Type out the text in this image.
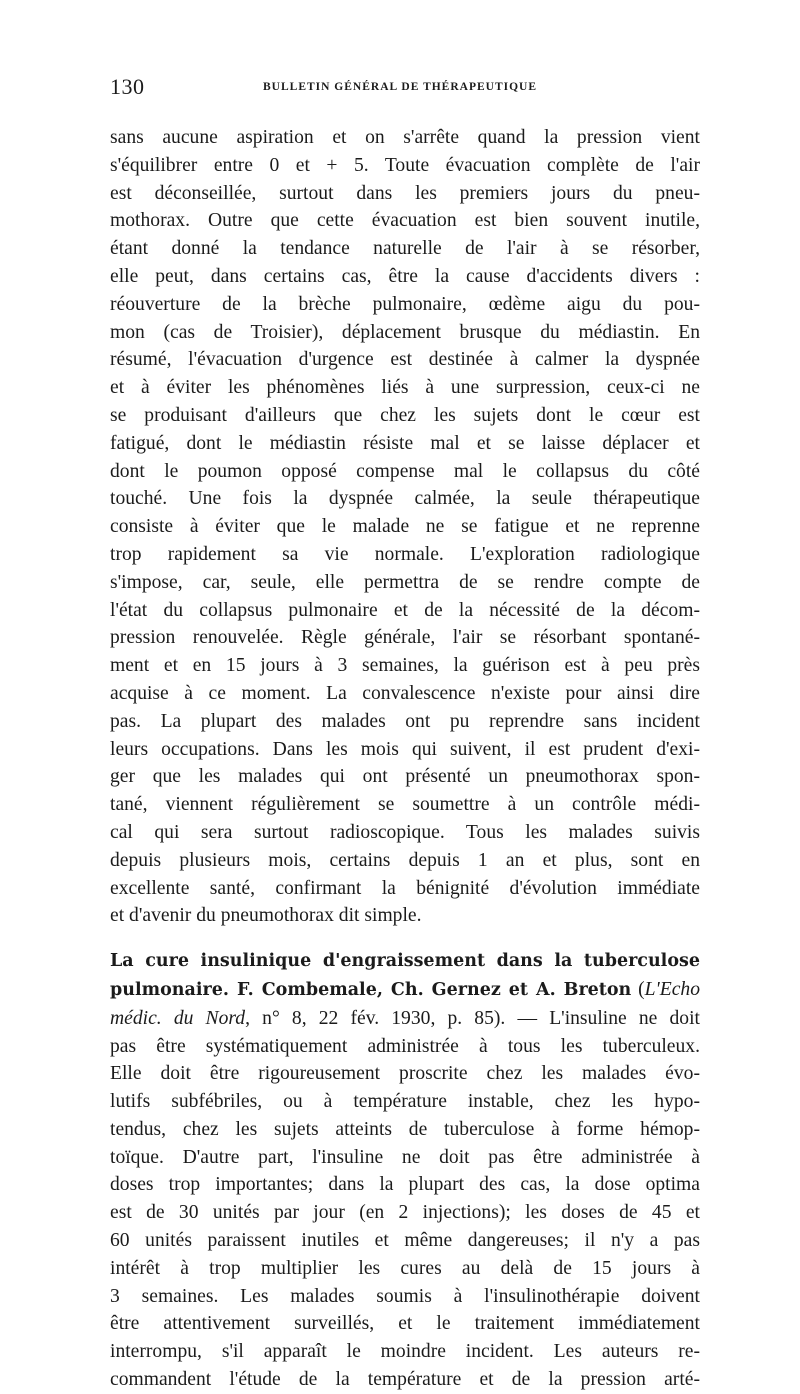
130	BULLETIN GÉNÉRAL DE THÉRAPEUTIQUE
sans aucune aspiration et on s'arrête quand la pression vient
s'équilibrer entre 0 et + 5. Toute évacuation complète de l'air
est déconseillée, surtout dans les premiers jours du pneu-
mothorax. Outre que cette évacuation est bien souvent inutile,
étant donné la tendance naturelle de l'air à se résorber,
elle peut, dans certains cas, être la cause d'accidents divers :
réouverture de la brèche pulmonaire, œdème aigu du pou-
mon (cas de Troisier), déplacement brusque du médiastin. En
résumé, l'évacuation d'urgence est destinée à calmer la dyspnée
et à éviter les phénomènes liés à une surpression, ceux-ci ne
se produisant d'ailleurs que chez les sujets dont le cœur est
fatigué, dont le médiastin résiste mal et se laisse déplacer et
dont le poumon opposé compense mal le collapsus du côté
touché. Une fois la dyspnée calmée, la seule thérapeutique
consiste à éviter que le malade ne se fatigue et ne reprenne
trop rapidement sa vie normale. L'exploration radiologique
s'impose, car, seule, elle permettra de se rendre compte de
l'état du collapsus pulmonaire et de la nécessité de la décom-
pression renouvelée. Règle générale, l'air se résorbant spontané-
ment et en 15 jours à 3 semaines, la guérison est à peu près
acquise à ce moment. La convalescence n'existe pour ainsi dire
pas. La plupart des malades ont pu reprendre sans incident
leurs occupations. Dans les mois qui suivent, il est prudent d'exi-
ger que les malades qui ont présenté un pneumothorax spon-
tané, viennent régulièrement se soumettre à un contrôle médi-
cal qui sera surtout radioscopique. Tous les malades suivis
depuis plusieurs mois, certains depuis 1 an et plus, sont en
excellente santé, confirmant la bénignité d'évolution immédiate
et d'avenir du pneumothorax dit simple.
La cure insulinique d'engraissement dans la tuberculose
pulmonaire. F. Combemale, Ch. Gernez et A. Breton (L'Echo
médic. du Nord, n° 8, 22 fév. 1930, p. 85). — L'insuline ne doit
pas être systématiquement administrée à tous les tuberculeux.
Elle doit être rigoureusement proscrite chez les malades évo-
lutifs subfébriles, ou à température instable, chez les hypo-
tendus, chez les sujets atteints de tuberculose à forme hémop-
toïque. D'autre part, l'insuline ne doit pas être administrée à
doses trop importantes; dans la plupart des cas, la dose optima
est de 30 unités par jour (en 2 injections); les doses de 45 et
60 unités paraissent inutiles et même dangereuses; il n'y a pas
intérêt à trop multiplier les cures au delà de 15 jours à
3 semaines. Les malades soumis à l'insulinothérapie doivent
être attentivement surveillés, et le traitement immédiatement
interrompu, s'il apparaît le moindre incident. Les auteurs re-
commandent l'étude de la température et de la pression arté-
